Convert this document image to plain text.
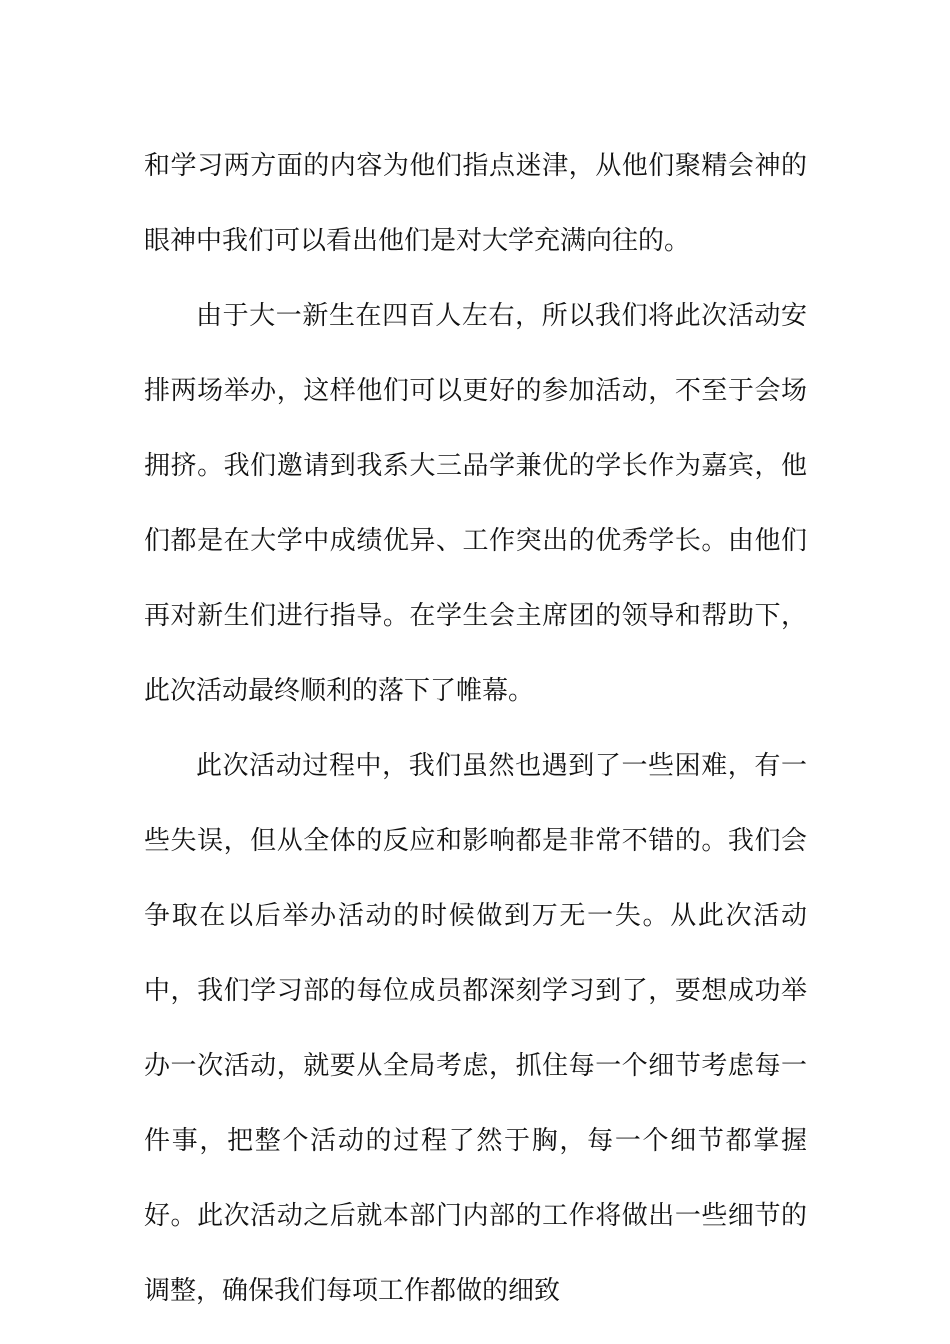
和学习两方面的内容为他们指点迷津，从他们聚精会神的眼神中我们可以看出他们是对大学充满向往的。

由于大一新生在四百人左右，所以我们将此次活动安排两场举办，这样他们可以更好的参加活动，不至于会场拥挤。我们邀请到我系大三品学兼优的学长作为嘉宾，他们都是在大学中成绩优异、工作突出的优秀学长。由他们再对新生们进行指导。在学生会主席团的领导和帮助下，此次活动最终顺利的落下了帷幕。

此次活动过程中，我们虽然也遇到了一些困难，有一些失误，但从全体的反应和影响都是非常不错的。我们会争取在以后举办活动的时候做到万无一失。从此次活动中，我们学习部的每位成员都深刻学习到了，要想成功举办一次活动，就要从全局考虑，抓住每一个细节考虑每一件事，把整个活动的过程了然于胸，每一个细节都掌握好。此次活动之后就本部门内部的工作将做出一些细节的调整，确保我们每项工作都做的细致
